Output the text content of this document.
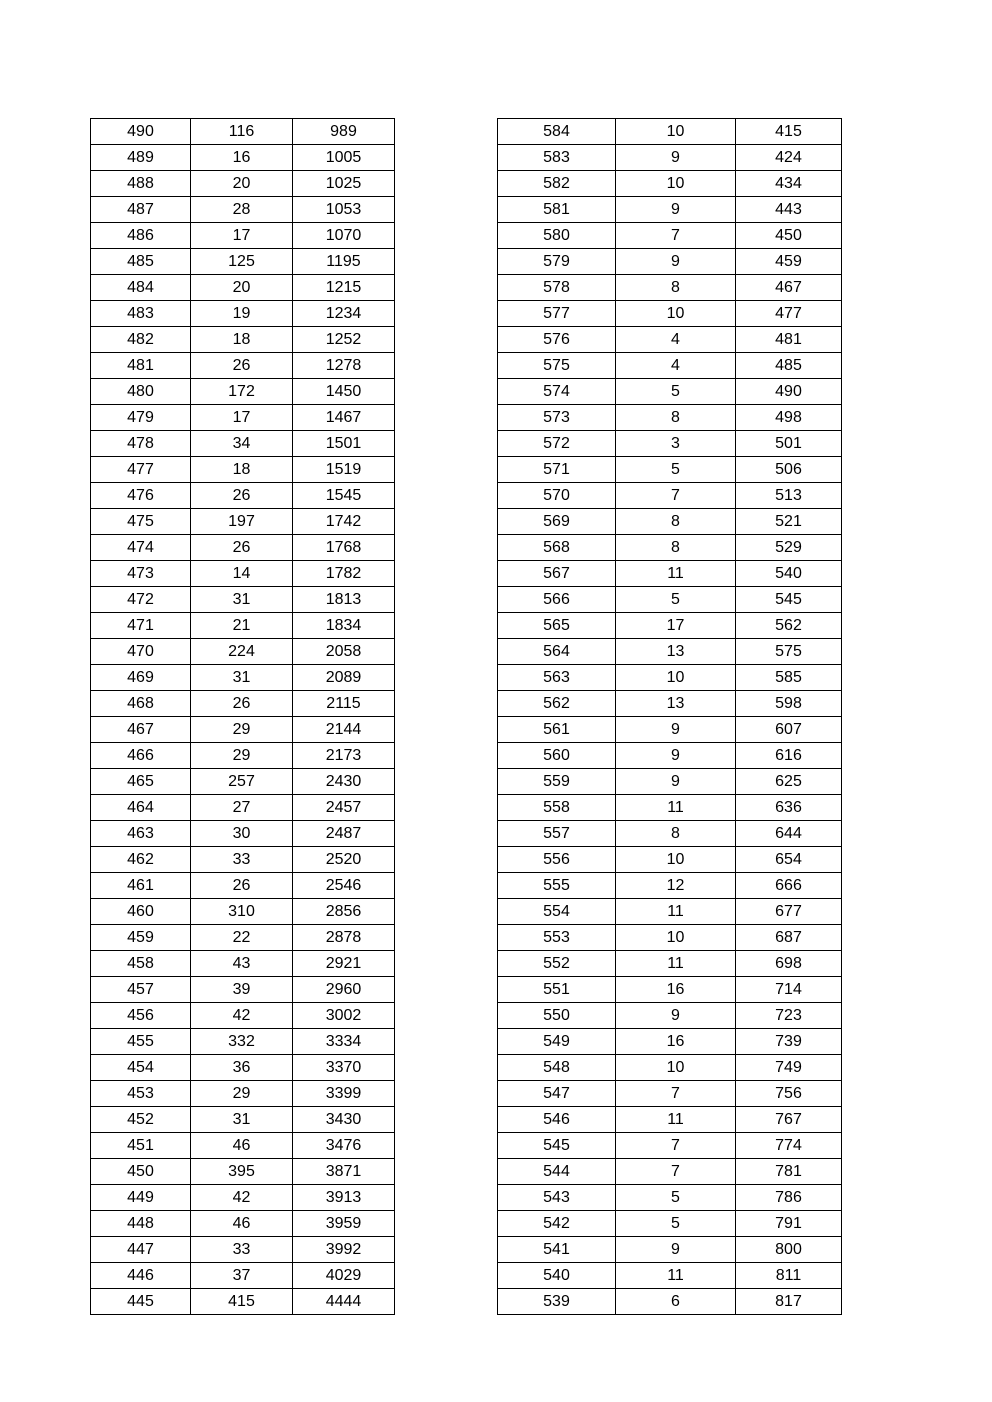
490	116	989
489	16	1005
488	20	1025
487	28	1053
486	17	1070
485	125	1195
484	20	1215
483	19	1234
482	18	1252
481	26	1278
480	172	1450
479	17	1467
478	34	1501
477	18	1519
476	26	1545
475	197	1742
474	26	1768
473	14	1782
472	31	1813
471	21	1834
470	224	2058
469	31	2089
468	26	2115
467	29	2144
466	29	2173
465	257	2430
464	27	2457
463	30	2487
462	33	2520
461	26	2546
460	310	2856
459	22	2878
458	43	2921
457	39	2960
456	42	3002
455	332	3334
454	36	3370
453	29	3399
452	31	3430
451	46	3476
450	395	3871
449	42	3913
448	46	3959
447	33	3992
446	37	4029
445	415	4444
584	10	415
583	9	424
582	10	434
581	9	443
580	7	450
579	9	459
578	8	467
577	10	477
576	4	481
575	4	485
574	5	490
573	8	498
572	3	501
571	5	506
570	7	513
569	8	521
568	8	529
567	11	540
566	5	545
565	17	562
564	13	575
563	10	585
562	13	598
561	9	607
560	9	616
559	9	625
558	11	636
557	8	644
556	10	654
555	12	666
554	11	677
553	10	687
552	11	698
551	16	714
550	9	723
549	16	739
548	10	749
547	7	756
546	11	767
545	7	774
544	7	781
543	5	786
542	5	791
541	9	800
540	11	811
539	6	817
